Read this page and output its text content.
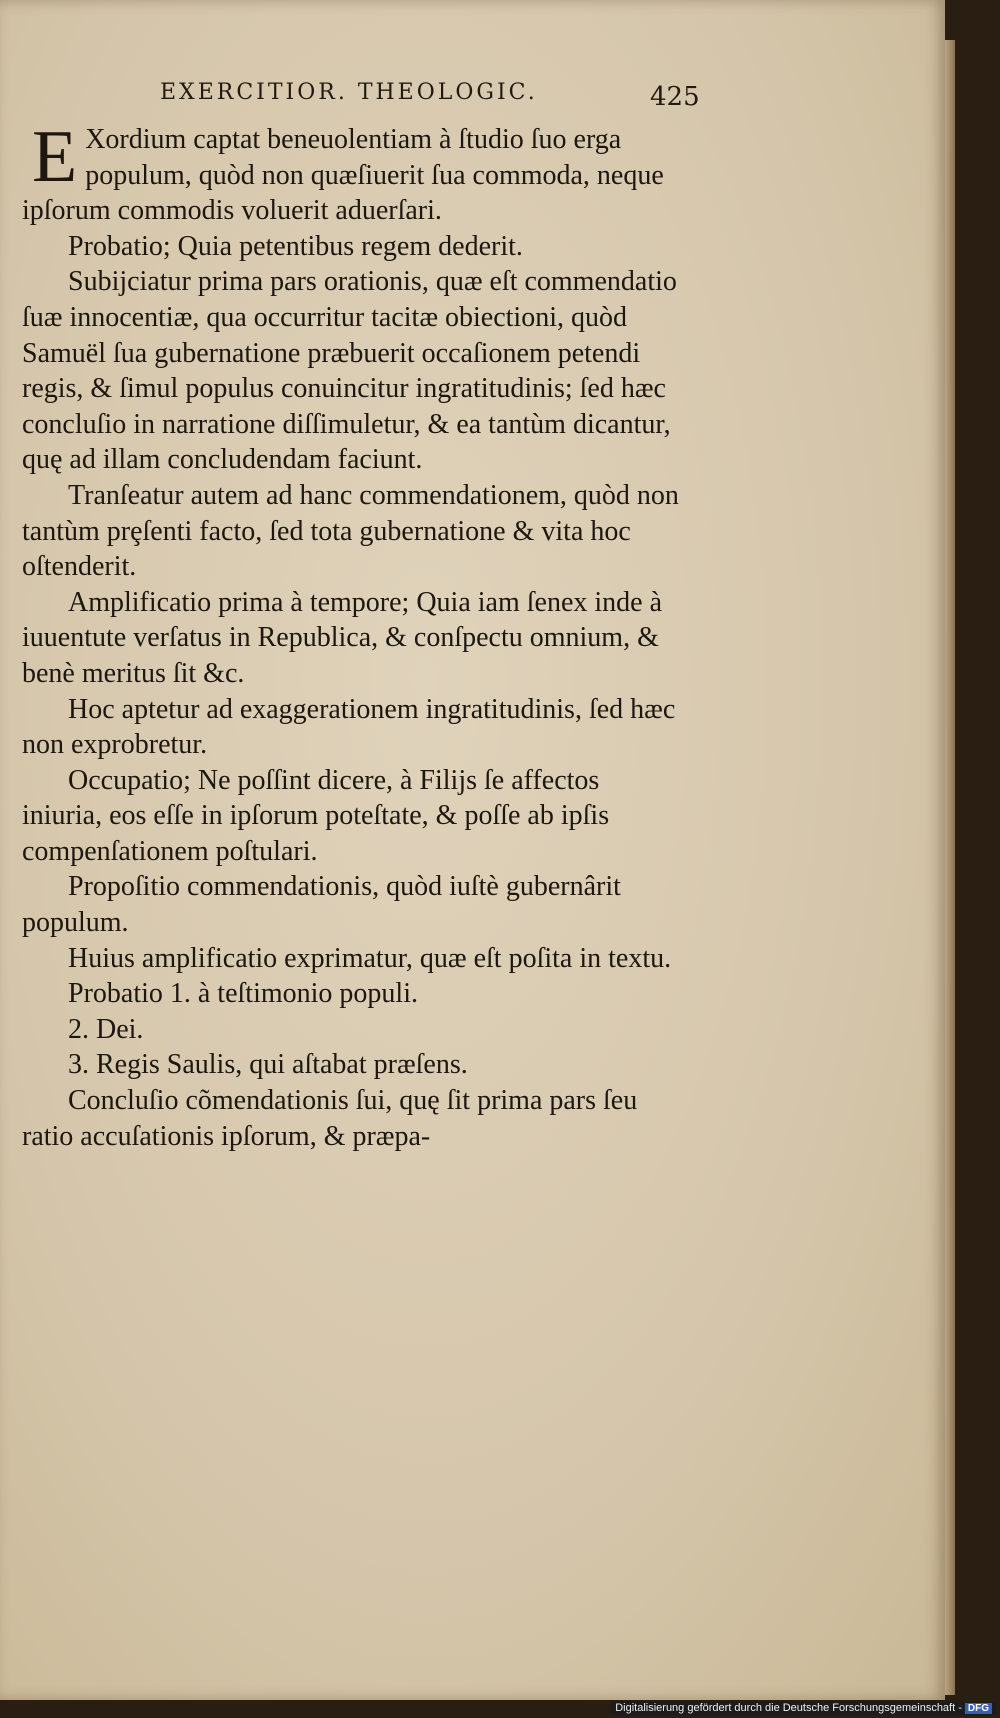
EXERCITIOR. THEOLOGIC.	425

E Xordium captat beneuolentiam à ſtudio ſuo erga populum, quòd non quæſiuerit ſua commoda, neque ipſorum commodis voluerit aduerſari.

Probatio; Quia petentibus regem dederit.

Subijciatur prima pars orationis, quæ eſt commendatio ſuæ innocentiæ, qua occurritur tacitæ obiectioni, quòd Samuël ſua gubernatione præbuerit occaſionem petendi regis, & ſimul populus conuincitur ingratitudinis; ſed hæc concluſio in narratione diſſimuletur, & ea tantùm dicantur, quę ad illam concludendam faciunt.

Tranſeatur autem ad hanc commendationem, quòd non tantùm prȩſenti facto, ſed tota gubernatione & vita hoc oſtenderit.

Amplificatio prima à tempore; Quia iam ſenex inde à iuuentute verſatus in Republica, & conſpectu omnium, & benè meritus ſit &c.

Hoc aptetur ad exaggerationem ingratitudinis, ſed hæc non exprobretur.

Occupatio; Ne poſſint dicere, à Filijs ſe affectos iniuria, eos eſſe in ipſorum poteſtate, & poſſe ab ipſis compenſationem poſtulari.

Propoſitio commendationis, quòd iuſtè gubernârit populum.

Huius amplificatio exprimatur, quæ eſt poſita in textu.

Probatio 1. à teſtimonio populi.

2. Dei.

3. Regis Saulis, qui aſtabat præſens.

Concluſio cõmendationis ſui, quę ſit prima pars ſeu ratio accuſationis ipſorum, & præpa-

Digitalisierung gefördert durch die Deutsche Forschungsgemeinschaft - DFG
